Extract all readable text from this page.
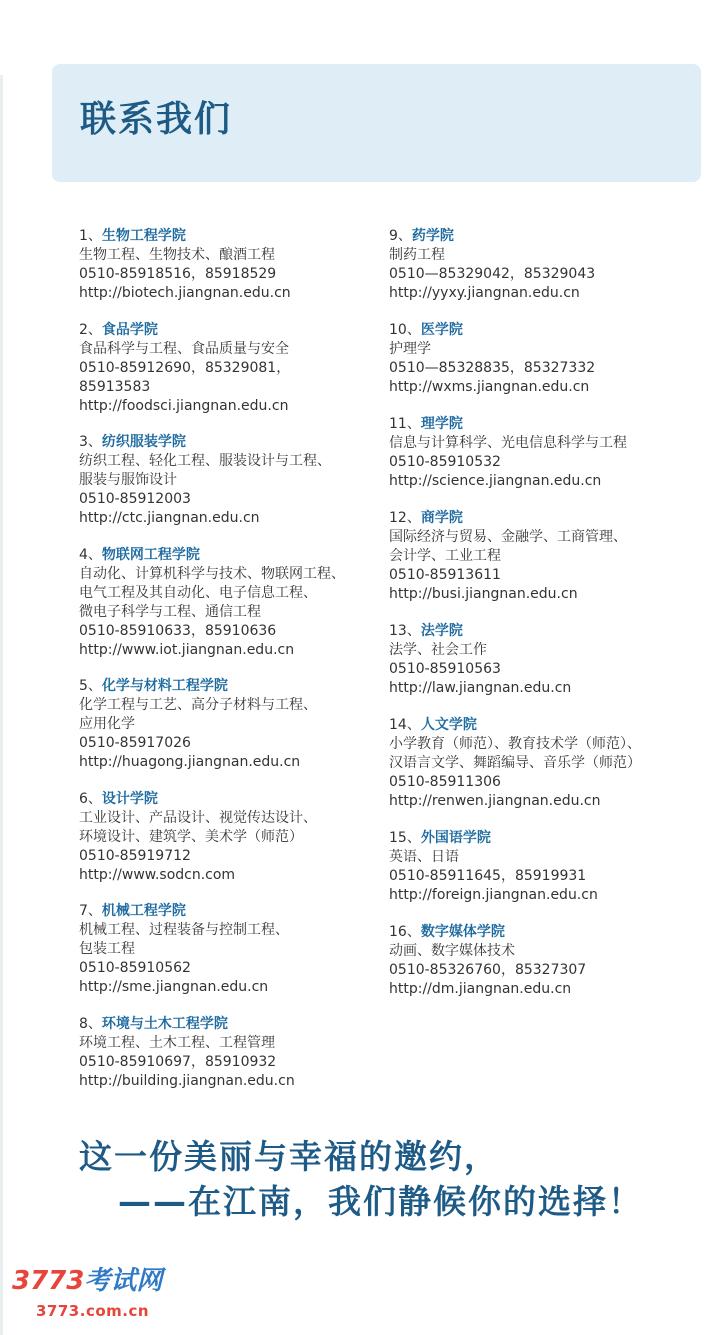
联系我们
1、生物工程学院
生物工程、生物技术、酿酒工程
0510-85918516，85918529
http://biotech.jiangnan.edu.cn
2、食品学院
食品科学与工程、食品质量与安全
0510-85912690，85329081，
85913583
http://foodsci.jiangnan.edu.cn
3、纺织服装学院
纺织工程、轻化工程、服装设计与工程、
服装与服饰设计
0510-85912003
http://ctc.jiangnan.edu.cn
4、物联网工程学院
自动化、计算机科学与技术、物联网工程、
电气工程及其自动化、电子信息工程、
微电子科学与工程、通信工程
0510-85910633，85910636
http://www.iot.jiangnan.edu.cn
5、化学与材料工程学院
化学工程与工艺、高分子材料与工程、
应用化学
0510-85917026
http://huagong.jiangnan.edu.cn
6、设计学院
工业设计、产品设计、视觉传达设计、
环境设计、建筑学、美术学（师范）
0510-85919712
http://www.sodcn.com
7、机械工程学院
机械工程、过程装备与控制工程、
包装工程
0510-85910562
http://sme.jiangnan.edu.cn
8、环境与土木工程学院
环境工程、土木工程、工程管理
0510-85910697，85910932
http://building.jiangnan.edu.cn
9、药学院
制药工程
0510—85329042，85329043
http://yyxy.jiangnan.edu.cn
10、医学院
护理学
0510—85328835，85327332
http://wxms.jiangnan.edu.cn
11、理学院
信息与计算科学、光电信息科学与工程
0510-85910532
http://science.jiangnan.edu.cn
12、商学院
国际经济与贸易、金融学、工商管理、
会计学、工业工程
0510-85913611
http://busi.jiangnan.edu.cn
13、法学院
法学、社会工作
0510-85910563
http://law.jiangnan.edu.cn
14、人文学院
小学教育（师范）、教育技术学（师范）、
汉语言文学、舞蹈编导、音乐学（师范）
0510-85911306
http://renwen.jiangnan.edu.cn
15、外国语学院
英语、日语
0510-85911645，85919931
http://foreign.jiangnan.edu.cn
16、数字媒体学院
动画、数字媒体技术
0510-85326760，85327307
http://dm.jiangnan.edu.cn
这一份美丽与幸福的邀约，
——在江南，我们静候你的选择！
3773考试网
3773.com.cn
